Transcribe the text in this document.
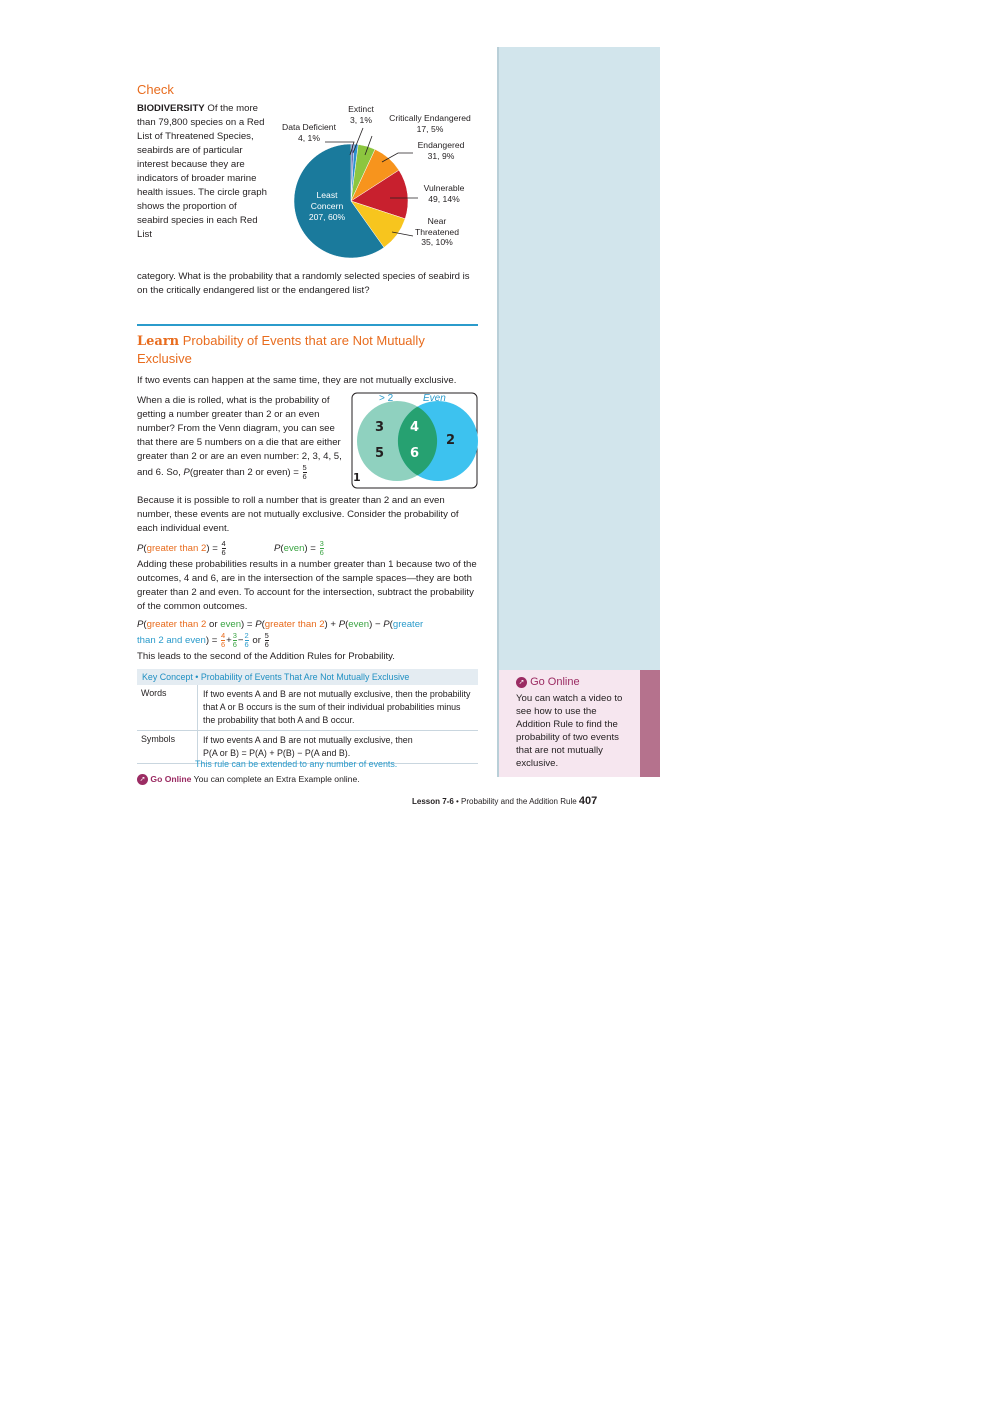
Check
BIODIVERSITY Of the more than 79,800 species on a Red List of Threatened Species, seabirds are of particular interest because they are indicators of broader marine health issues. The circle graph shows the proportion of seabird species in each Red List
category. What is the probability that a randomly selected species of seabird is on the critically endangered list or the endangered list?
Extinct
3, 1%
Data Deficient
4, 1%
Critically Endangered
17, 5%
Endangered
31, 9%
Vulnerable
49, 14%
Near
Threatened
35, 10%
Least
Concern
207, 60%
Learn Probability of Events that are Not Mutually Exclusive
If two events can happen at the same time, they are not mutually exclusive.
When a die is rolled, what is the probability of getting a number greater than 2 or an even number? From the Venn diagram, you can see that there are 5 numbers on a die that are either greater than 2 or are an even number: 2, 3, 4, 5, and 6. So, P(greater than 2 or even) = $\frac{5}{6}$
> 2	Even
3
5
4
6
2
1
Because it is possible to roll a number that is greater than 2 and an even number, these events are not mutually exclusive. Consider the probability of each individual event.
P(greater than $2) = \frac{4}{6}$	P(even) = $\frac{3}{6}$
Adding these probabilities results in a number greater than 1 because two of the outcomes, 4 and 6, are in the intersection of the sample spaces—they are both greater than 2 and even. To account for the intersection, subtract the probability of the common outcomes.
P(greater than 2 or even) = P(greater than 2) + P(even) − P(greater
than 2 and even) = $\frac{4}{6} + \frac{3}{6} - \frac{2}{6}$ or $\frac{5}{6}$
This leads to the second of the Addition Rules for Probability.
Key Concept • Probability of Events That Are Not Mutually Exclusive	
Words	If two events A and B are not mutually exclusive, then the probability that A or B occurs is the sum of their individual probabilities minus the probability that both A and B occur.
Symbols	If two events A and B are not mutually exclusive, then
P(A or B) = P(A) + P(B) − P(A and B).
This rule can be extended to any number of events.
➚ Go Online You can complete an Extra Example online.
➚ Go Online
You can watch a video to see how to use the Addition Rule to find the probability of two events that are not mutually exclusive.
Lesson 7-6 • Probability and the Addition Rule 407
